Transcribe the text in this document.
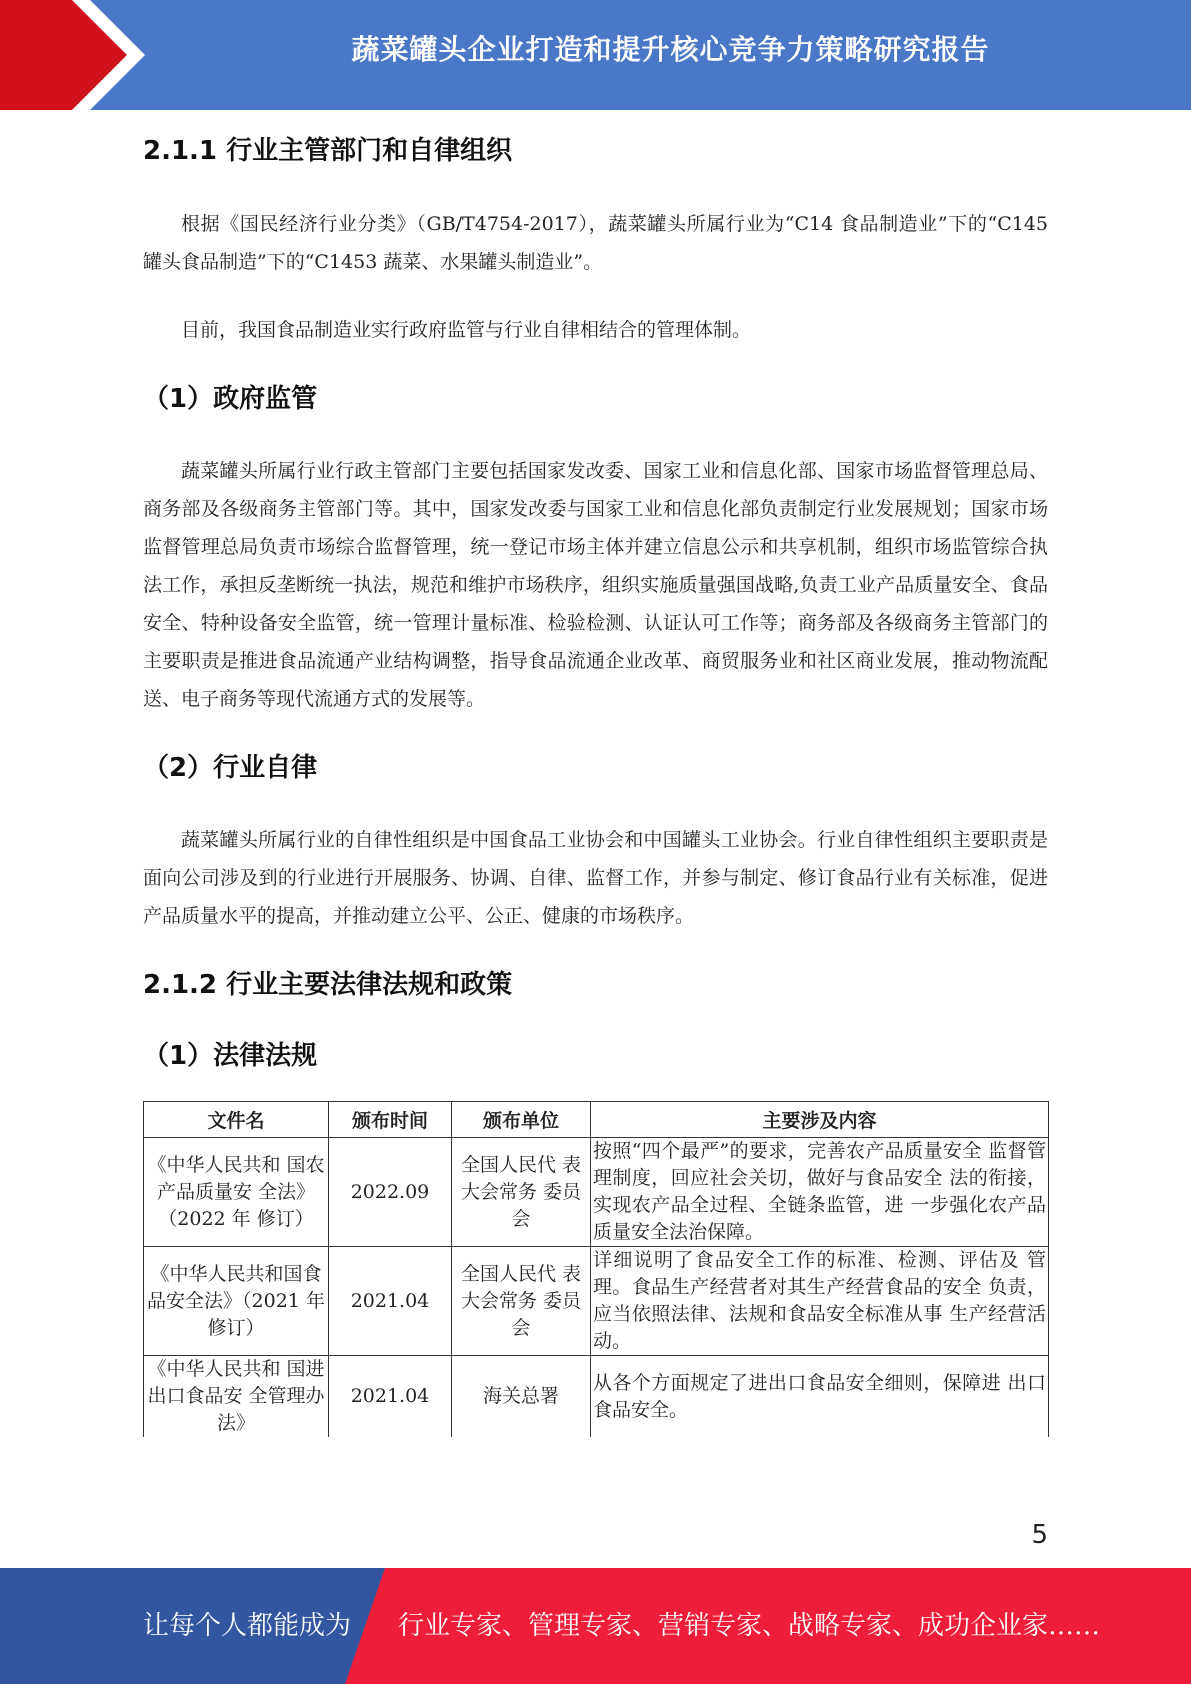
蔬菜罐头企业打造和提升核心竞争力策略研究报告
2.1.1 行业主管部门和自律组织
根据《国民经济行业分类》（GB/T4754-2017），蔬菜罐头所属行业为“C14 食品制造业”下的“C145 罐头食品制造”下的“C1453 蔬菜、水果罐头制造业”。
目前，我国食品制造业实行政府监管与行业自律相结合的管理体制。
（1）政府监管
蔬菜罐头所属行业行政主管部门主要包括国家发改委、国家工业和信息化部、国家市场监督管理总局、商务部及各级商务主管部门等。其中，国家发改委与国家工业和信息化部负责制定行业发展规划；国家市场监督管理总局负责市场综合监督管理，统一登记市场主体并建立信息公示和共享机制，组织市场监管综合执法工作，承担反垄断统一执法，规范和维护市场秩序，组织实施质量强国战略,负责工业产品质量安全、食品安全、特种设备安全监管，统一管理计量标准、检验检测、认证认可工作等；商务部及各级商务主管部门的主要职责是推进食品流通产业结构调整，指导食品流通企业改革、商贸服务业和社区商业发展，推动物流配送、电子商务等现代流通方式的发展等。
（2）行业自律
蔬菜罐头所属行业的自律性组织是中国食品工业协会和中国罐头工业协会。行业自律性组织主要职责是面向公司涉及到的行业进行开展服务、协调、自律、监督工作，并参与制定、修订食品行业有关标准，促进产品质量水平的提高，并推动建立公平、公正、健康的市场秩序。
2.1.2 行业主要法律法规和政策
（1）法律法规
文件名	颁布时间	颁布单位	主要涉及内容
《中华人民共和 国农产品质量安 全法》（2022 年 修订）	2022.09	全国人民代 表大会常务 委员会	按照“四个最严”的要求，完善农产品质量安全 监督管理制度，回应社会关切，做好与食品安全 法的衔接，实现农产品全过程、全链条监管，进 一步强化农产品质量安全法治保障。
《中华人民共和国食品安全法》（2021 年修订）	2021.04	全国人民代 表大会常务 委员会	详细说明了食品安全工作的标准、检测、评估及 管理。食品生产经营者对其生产经营食品的安全 负责，应当依照法律、法规和食品安全标准从事 生产经营活动。
《中华人民共和 国进出口食品安 全管理办法》	2021.04	海关总署	从各个方面规定了进出口食品安全细则，保障进 出口食品安全。
5
让每个人都能成为 行业专家、管理专家、营销专家、战略专家、成功企业家……
